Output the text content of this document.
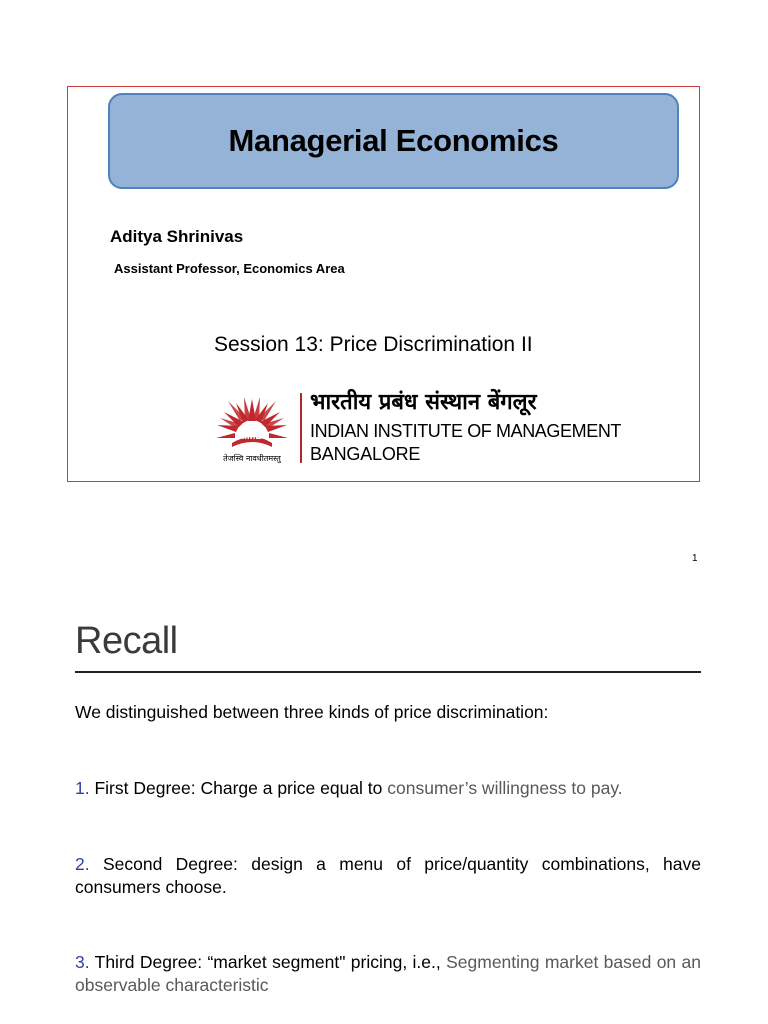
Managerial Economics
Aditya Shrinivas
Assistant Professor, Economics Area
Session 13: Price Discrimination II
IIMB
तेजस्वि नावधीतमस्तु
भारतीय प्रबंध संस्थान बेंगलूर
INDIAN INSTITUTE OF MANAGEMENT
BANGALORE
1
Recall
We distinguished between three kinds of price discrimination:
1. First Degree: Charge a price equal to consumer’s willingness to pay.
2. Second Degree: design a menu of price/quantity combinations, have consumers choose.
3. Third Degree: “market segment" pricing, i.e., Segmenting market based on an observable characteristic
